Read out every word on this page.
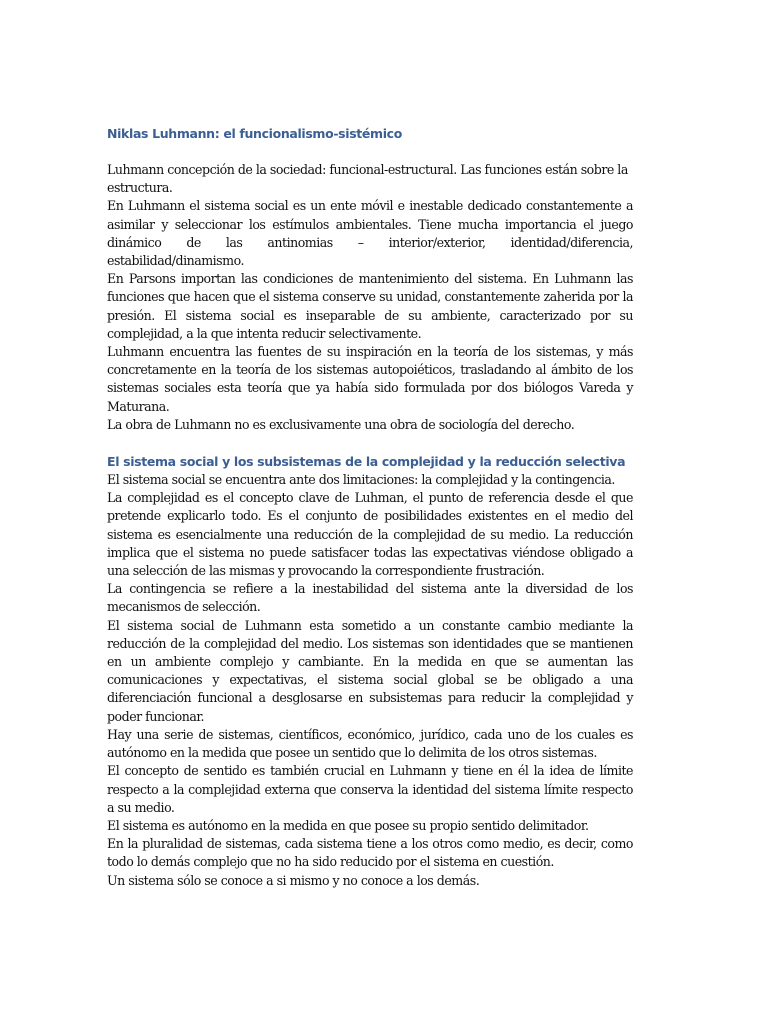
Niklas Luhmann: el funcionalismo-sistémico

Luhmann concepción de la sociedad: funcional-estructural. Las funciones están sobre la estructura.

En Luhmann el sistema social es un ente móvil e inestable dedicado constantemente a asimilar y seleccionar los estímulos ambientales. Tiene mucha importancia el juego dinámico de las antinomias – interior/exterior, identidad/diferencia, estabilidad/dinamismo.

En Parsons importan las condiciones de mantenimiento del sistema. En Luhmann las funciones que hacen que el sistema conserve su unidad, constantemente zaherida por la presión. El sistema social es inseparable de su ambiente, caracterizado por su complejidad, a la que intenta reducir selectivamente.

Luhmann encuentra las fuentes de su inspiración en la teoría de los sistemas, y más concretamente en la teoría de los sistemas autopoiéticos, trasladando al ámbito de los sistemas sociales esta teoría que ya había sido formulada por dos biólogos Vareda y Maturana.

La obra de Luhmann no es exclusivamente una obra de sociología del derecho.

El sistema social y los subsistemas de la complejidad y la reducción selectiva

El sistema social se encuentra ante dos limitaciones: la complejidad y la contingencia.

La complejidad es el concepto clave de Luhman, el punto de referencia desde el que pretende explicarlo todo. Es el conjunto de posibilidades existentes en el medio del sistema es esencialmente una reducción de la complejidad de su medio. La reducción implica que el sistema no puede satisfacer todas las expectativas viéndose obligado a una selección de las mismas y provocando la correspondiente frustración.

La contingencia se refiere a la inestabilidad del sistema ante la diversidad de los mecanismos de selección.

El sistema social de Luhmann esta sometido a un constante cambio mediante la reducción de la complejidad del medio. Los sistemas son identidades que se mantienen en un ambiente complejo y cambiante. En la medida en que se aumentan las comunicaciones y expectativas, el sistema social global se be obligado a una diferenciación funcional a desglosarse en subsistemas para reducir la complejidad y poder funcionar.

Hay una serie de sistemas, científicos, económico, jurídico, cada uno de los cuales es autónomo en la medida que posee un sentido que lo delimita de los otros sistemas.

El concepto de sentido es también crucial en Luhmann y tiene en él la idea de límite respecto a la complejidad externa que conserva la identidad del sistema límite respecto a su medio.

El sistema es autónomo en la medida en que posee su propio sentido delimitador.

En la pluralidad de sistemas, cada sistema tiene a los otros como medio, es decir, como todo lo demás complejo que no ha sido reducido por el sistema en cuestión.

Un sistema sólo se conoce a si mismo y no conoce a los demás.
